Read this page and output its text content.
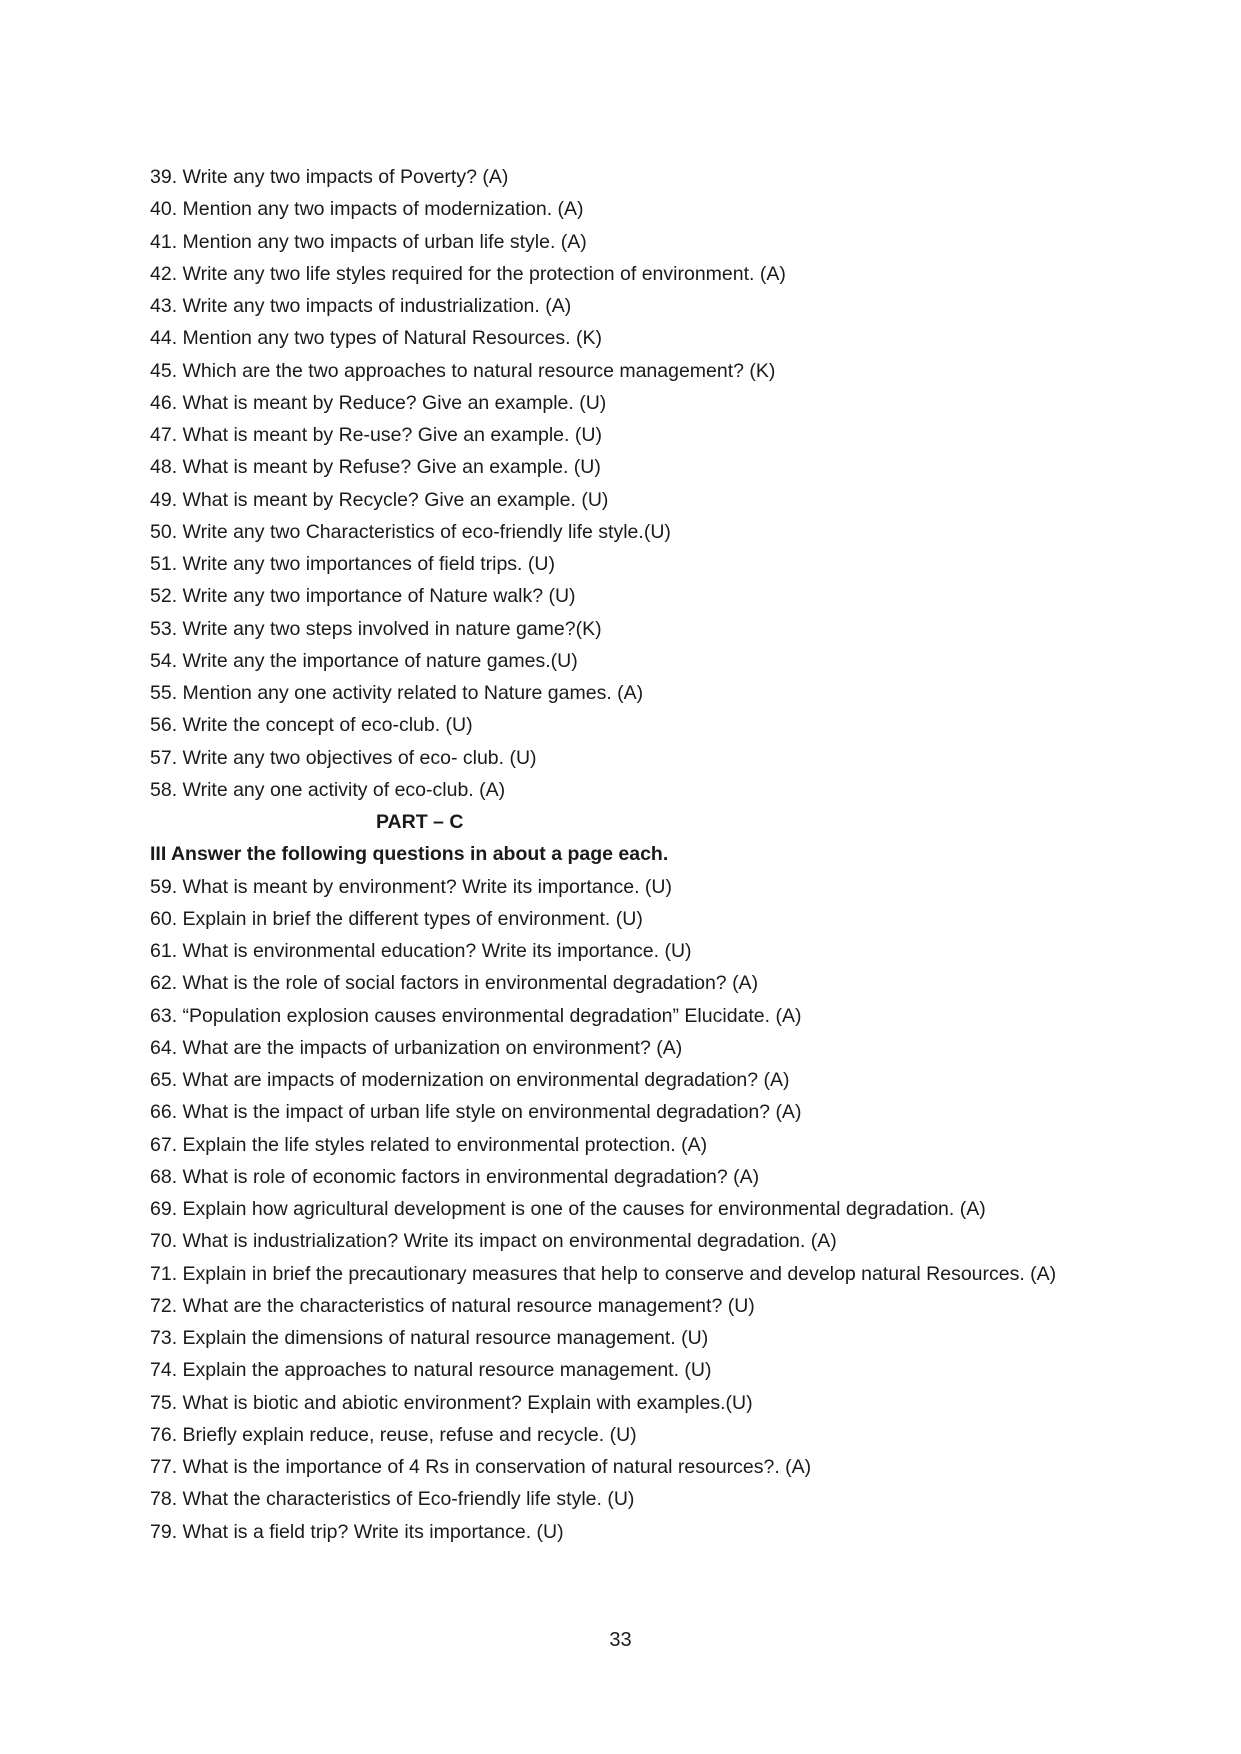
39. Write any two impacts of Poverty? (A)
40. Mention any two impacts of modernization. (A)
41. Mention any two impacts of urban life style. (A)
42. Write any two life styles required for the protection of environment. (A)
43. Write any two impacts of industrialization. (A)
44. Mention any two types of Natural Resources. (K)
45. Which are the two approaches to natural resource management? (K)
46. What is meant by Reduce? Give an example. (U)
47. What is meant by Re-use? Give an example. (U)
48. What is meant by Refuse? Give an example. (U)
49. What is meant by Recycle? Give an example. (U)
50. Write any two Characteristics of eco-friendly life style.(U)
51. Write any two importances of field trips. (U)
52. Write any two importance of Nature walk? (U)
53. Write any two steps involved in nature game?(K)
54. Write any the importance of nature games.(U)
55. Mention any one activity related to Nature games. (A)
56. Write the concept of eco-club. (U)
57. Write any two objectives of eco- club. (U)
58. Write any one activity of eco-club. (A)
PART – C
III Answer the following questions in about a page each.
59. What is meant by environment? Write its importance. (U)
60. Explain in brief the different types of environment. (U)
61. What is environmental education? Write its importance. (U)
62. What is the role of social factors in environmental degradation? (A)
63. “Population explosion causes environmental degradation” Elucidate. (A)
64. What are the impacts of urbanization on environment? (A)
65. What are impacts of modernization on environmental degradation? (A)
66. What is the impact of urban life style on environmental degradation? (A)
67. Explain the life styles related to environmental protection. (A)
68. What is role of economic factors in environmental degradation? (A)
69. Explain how agricultural development is one of the causes for environmental degradation. (A)
70. What is industrialization? Write its impact on environmental degradation. (A)
71. Explain in brief the precautionary measures that help to conserve and develop natural Resources. (A)
72. What are the characteristics of natural resource management? (U)
73. Explain the dimensions of natural resource management. (U)
74. Explain the approaches to natural resource management. (U)
75. What is biotic and abiotic environment? Explain with examples.(U)
76. Briefly explain reduce, reuse, refuse and recycle. (U)
77. What is the importance of 4 Rs in conservation of natural resources?. (A)
78. What the characteristics of Eco-friendly life style. (U)
79. What is a field trip? Write its importance. (U)
33
